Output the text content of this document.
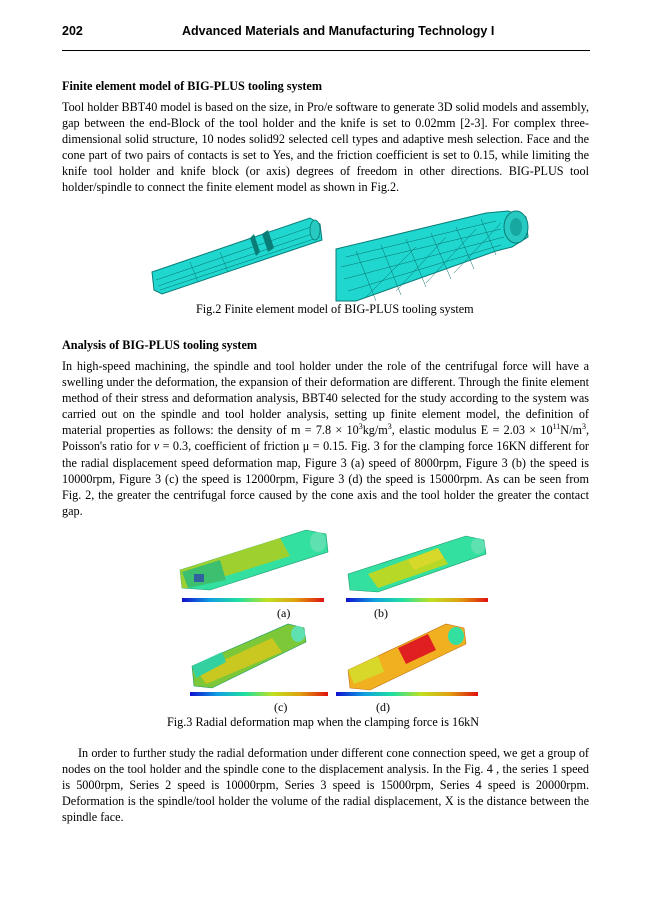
202	Advanced Materials and Manufacturing Technology I
Finite element model of BIG-PLUS tooling system

Tool holder BBT40 model is based on the size, in Pro/e software to generate 3D solid models and assembly, gap between the end-Block of the tool holder and the knife is set to 0.02mm [2-3]. For complex three-dimensional solid structure, 10 nodes solid92 selected cell types and adaptive mesh selection. Face and the cone part of two pairs of contacts is set to Yes, and the friction coefficient is set to 0.15, while limiting the knife tool holder and knife block (or axis) degrees of freedom in other directions. BIG-PLUS tool holder/spindle to connect the finite element model as shown in Fig.2.

Fig.2 Finite element model of BIG-PLUS tooling system
Analysis of BIG-PLUS tooling system

In high-speed machining, the spindle and tool holder under the role of the centrifugal force will have a swelling under the deformation, the expansion of their deformation are different. Through the finite element method of their stress and deformation analysis, BBT40 selected for the study according to the system was carried out on the spindle and tool holder analysis, setting up finite element model, the definition of material properties as follows: the density of $m = 7.8 \times 10^3kg/m^3$, elastic modulus $E = 2.03 \times 10^{11}N/m^3$, Poisson's ratio for v = 0.3, coefficient of friction μ = 0.15. Fig. 3 for the clamping force 16KN different for the radial displacement speed deformation map, Figure 3 (a) speed of 8000rpm, Figure 3 (b) the speed is 10000rpm, Figure 3 (c) the speed is 12000rpm, Figure 3 (d) the speed is 15000rpm. As can be seen from Fig. 2, the greater the centrifugal force caused by the cone axis and the tool holder the greater the contact gap.

(a)	(b)
(c)	(d)
Fig.3 Radial deformation map when the clamping force is 16kN

In order to further study the radial deformation under different cone connection speed, we get a group of nodes on the tool holder and the spindle cone to the displacement analysis. In the Fig. 4 , the series 1 speed is 5000rpm, Series 2 speed is 10000rpm, Series 3 speed is 15000rpm, Series 4 speed is 20000rpm. Deformation is the spindle/tool holder the volume of the radial displacement, X is the distance between the spindle face.
